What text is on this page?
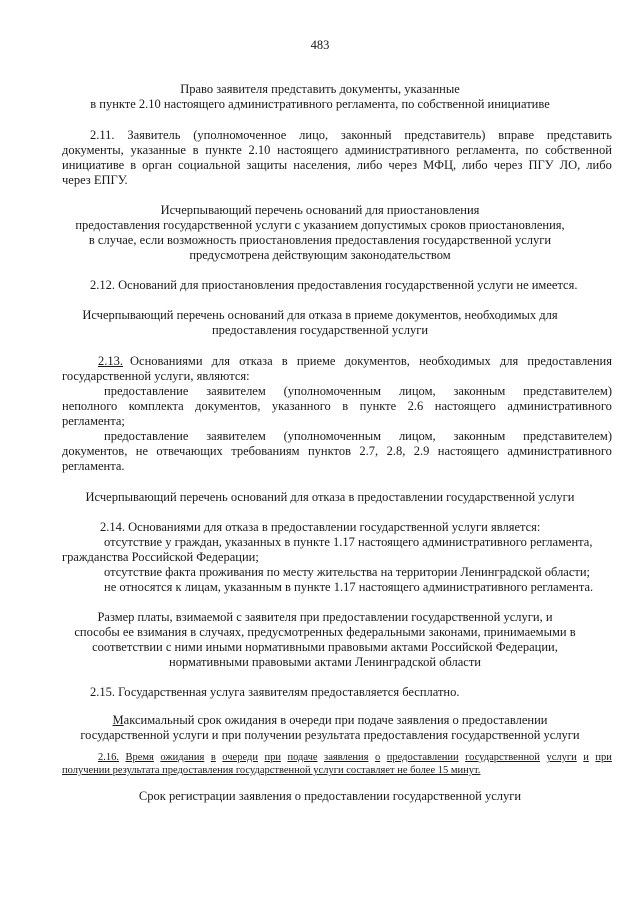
483
Право заявителя представить документы, указанные
в пункте 2.10 настоящего административного регламента, по собственной инициативе
2.11. Заявитель (уполномоченное лицо, законный представитель) вправе представить
документы, указанные в пункте 2.10 настоящего административного регламента, по собственной
инициативе в орган социальной защиты населения, либо через МФЦ, либо через ПГУ ЛО, либо
через ЕПГУ.
Исчерпывающий перечень оснований для приостановления
предоставления государственной услуги с указанием допустимых сроков приостановления,
в случае, если возможность приостановления предоставления государственной услуги
предусмотрена действующим законодательством
2.12. Оснований для приостановления предоставления государственной услуги не имеется.
Исчерпывающий перечень оснований для отказа в приеме документов, необходимых для
предоставления государственной услуги
2.13. Основаниями для отказа в приеме документов, необходимых для предоставления
государственной услуги, являются:
предоставление заявителем (уполномоченным лицом, законным представителем)
неполного комплекта документов, указанного в пункте 2.6 настоящего административного
регламента;
предоставление заявителем (уполномоченным лицом, законным представителем)
документов, не отвечающих требованиям пунктов 2.7, 2.8, 2.9 настоящего административного
регламента.
Исчерпывающий перечень оснований для отказа в предоставлении государственной услуги
2.14. Основаниями для отказа в предоставлении государственной услуги является:
отсутствие у граждан, указанных в пункте 1.17 настоящего административного регламента,
гражданства Российской Федерации;
отсутствие факта проживания по месту жительства на территории Ленинградской области;
не относятся к лицам, указанным в пункте 1.17 настоящего административного регламента.
Размер платы, взимаемой с заявителя при предоставлении государственной услуги, и
способы ее взимания в случаях, предусмотренных федеральными законами, принимаемыми в
соответствии с ними иными нормативными правовыми актами Российской Федерации,
нормативными правовыми актами Ленинградской области
2.15. Государственная услуга заявителям предоставляется бесплатно.
Максимальный срок ожидания в очереди при подаче заявления о предоставлении
государственной услуги и при получении результата предоставления государственной услуги
2.16. Время ожидания в очереди при подаче заявления о предоставлении государственной услуги и при
получении результата предоставления государственной услуги составляет не более 15 минут.
Срок регистрации заявления о предоставлении государственной услуги
